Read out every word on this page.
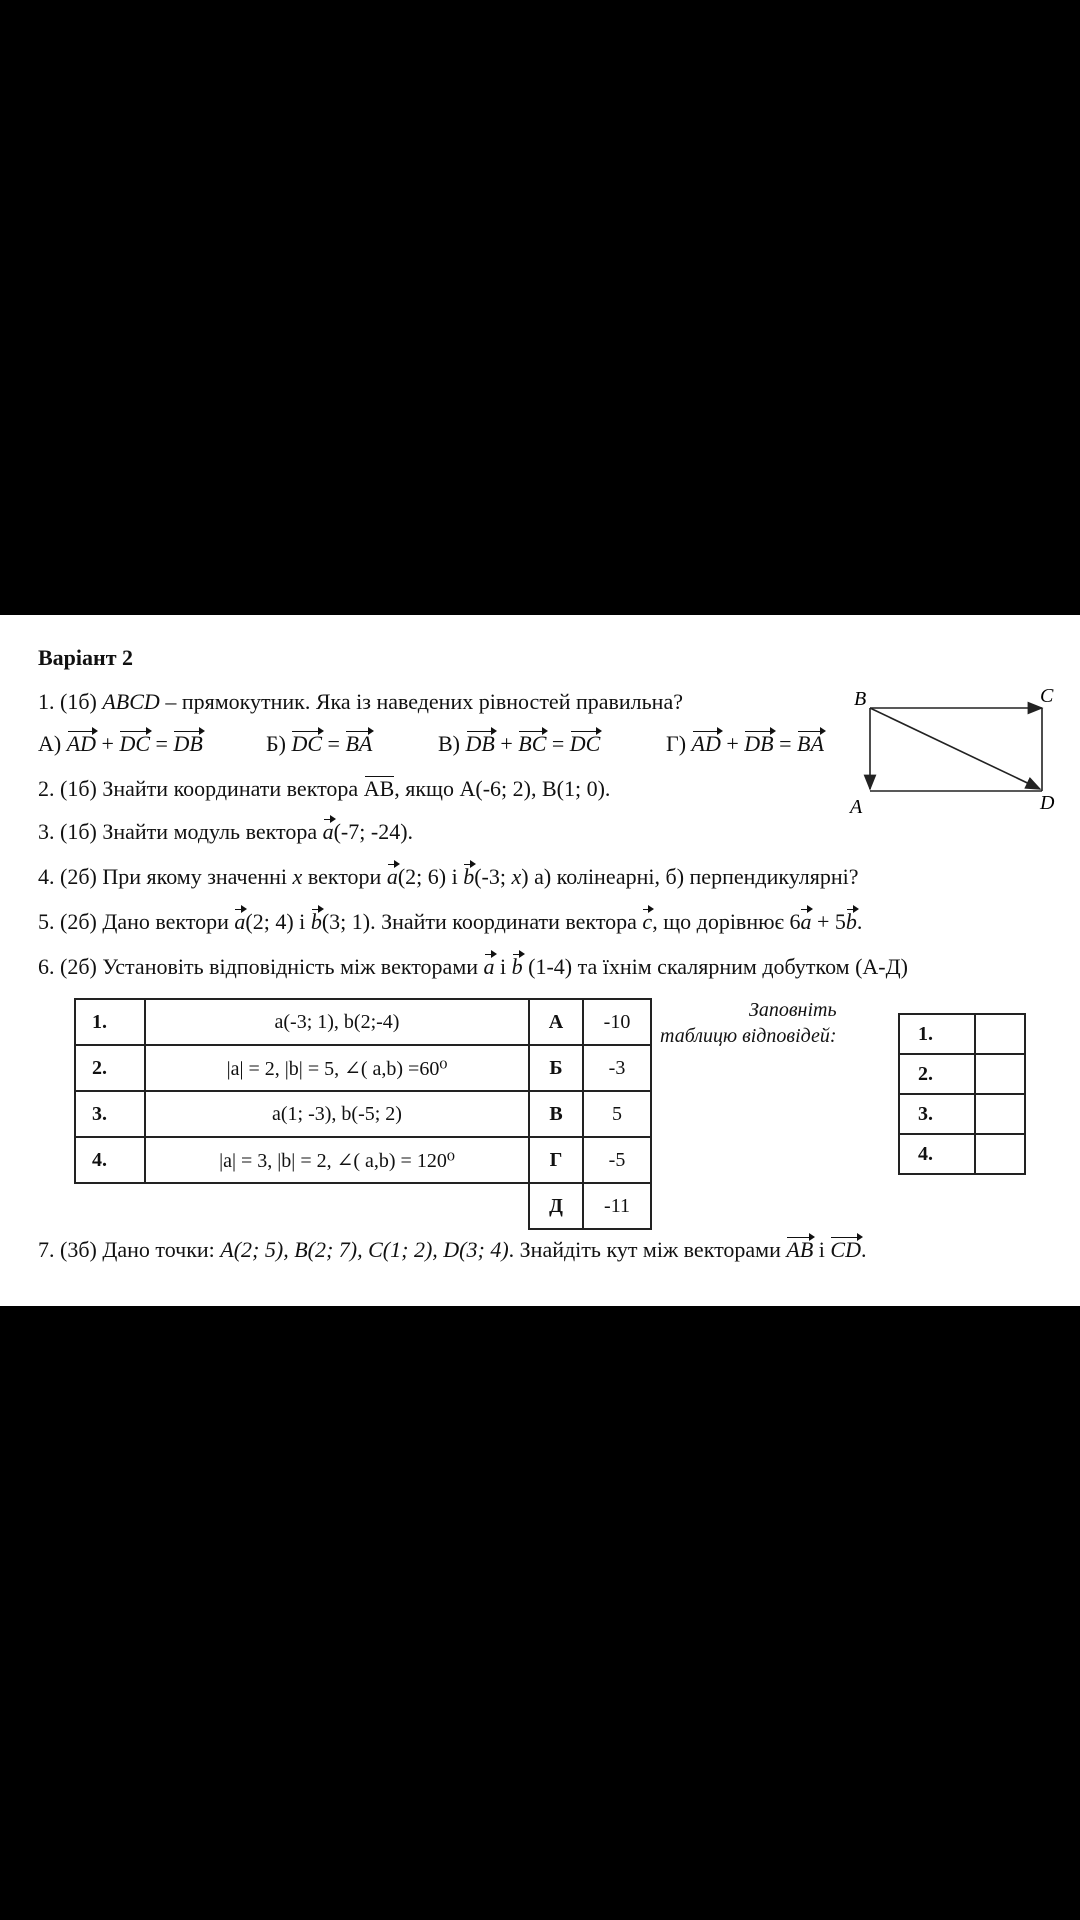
Варіант 2
1. (1б) ABCD – прямокутник. Яка із наведених рівностей правильна?
А) AD + DC = DB	Б) DC = BA	В) DB + BC = DC	Г) AD + DB = BA
B	C
A	D
2. (1б) Знайти координати вектора AB, якщо А(-6; 2), В(1; 0).
3. (1б) Знайти модуль вектора a(-7; -24).
4. (2б) При якому значенні x вектори a(2; 6) і b(-3; x) а) колінеарні, б) перпендикулярні?
5. (2б) Дано вектори a(2; 4) і b(3; 1). Знайти координати вектора c, що дорівнює 6a + 5b.
6. (2б) Установіть відповідність між векторами a і b (1-4) та їхнім скалярним добутком (А-Д)
1.	a(-3; 1), b(2;-4)	А	-10
2.	|a| = 2, |b| = 5, ∠( a,b) =60⁰	Б	-3
3.	a(1; -3), b(-5; 2)	В	5
4.	|a| = 3, |b| = 2, ∠( a,b) = 120⁰	Г	-5
		Д	-11
Заповніть
таблицю відповідей:	1.	
2.	
3.	
4.	
7. (3б) Дано точки: A(2; 5), B(2; 7), C(1; 2), D(3; 4). Знайдіть кут між векторами AB і CD.
